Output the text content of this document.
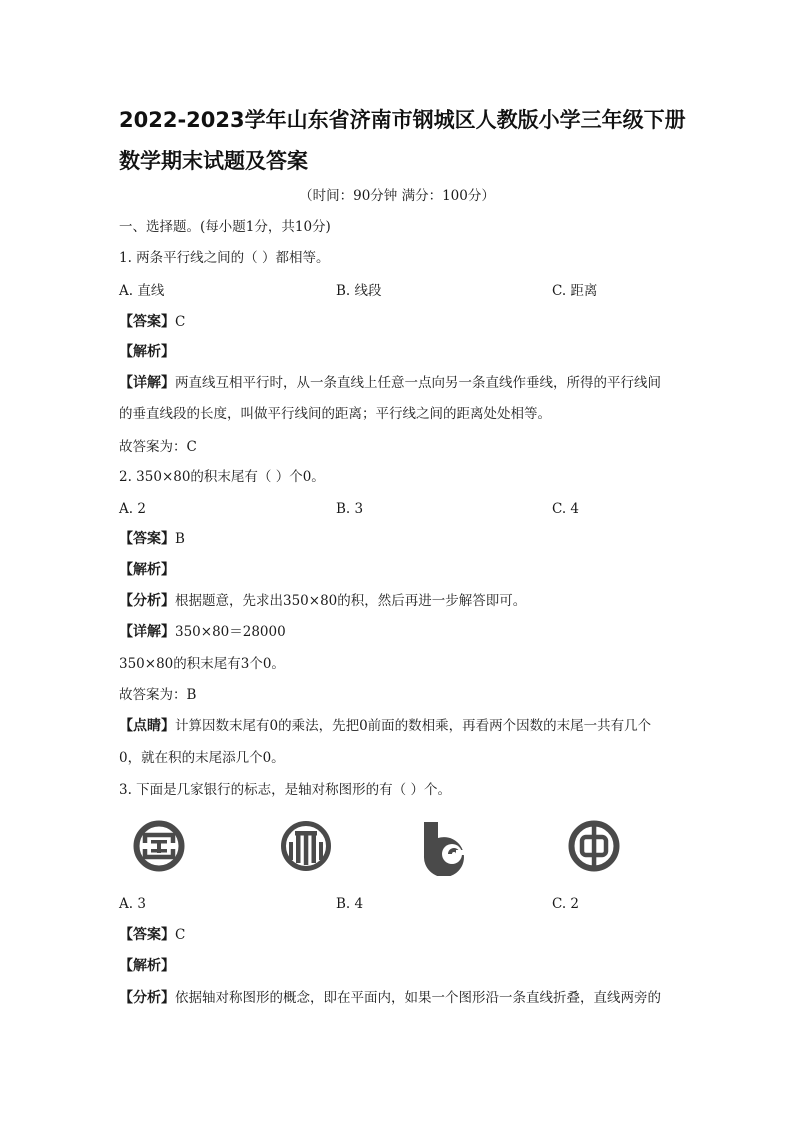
2022-2023学年山东省济南市钢城区人教版小学三年级下册
数学期末试题及答案
（时间：90分钟 满分：100分）
一、选择题。(每小题1分，共10分)
1. 两条平行线之间的（ ）都相等。
A. 直线	B. 线段	C. 距离
【答案】C
【解析】
【详解】两直线互相平行时，从一条直线上任意一点向另一条直线作垂线，所得的平行线间
的垂直线段的长度，叫做平行线间的距离；平行线之间的距离处处相等。
故答案为：C
2. 350×80的积末尾有（ ）个0。
A. 2	B. 3	C. 4
【答案】B
【解析】
【分析】根据题意，先求出350×80的积，然后再进一步解答即可。
【详解】350×80＝28000
350×80的积末尾有3个0。
故答案为：B
【点睛】计算因数末尾有0的乘法，先把0前面的数相乘，再看两个因数的末尾一共有几个
0，就在积的末尾添几个0。
3. 下面是几家银行的标志，是轴对称图形的有（ ）个。
A. 3	B. 4	C. 2
【答案】C
【解析】
【分析】依据轴对称图形的概念，即在平面内，如果一个图形沿一条直线折叠，直线两旁的
